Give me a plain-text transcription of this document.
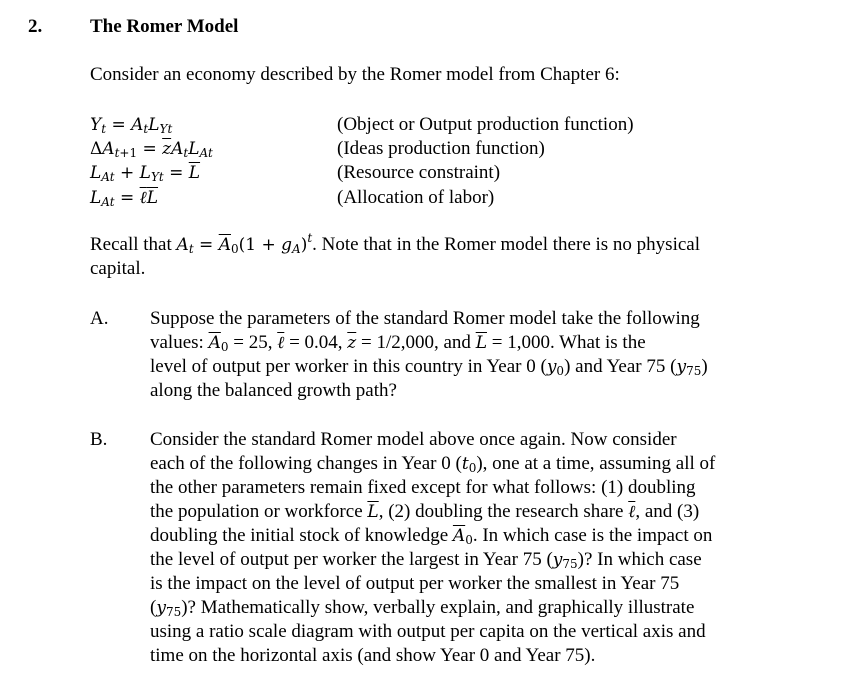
2.	The Romer Model
Consider an economy described by the Romer model from Chapter 6:
$Y_t = A_tL_{Yt}$
$\Delta A_{t+1} = \overline{z}A_tL_{At}$
$L_{At} + L_{Yt} = \overline{L}$
$L_{At}$ = $\ell\overline{L}$
(Object or Output production function)
(Ideas production function)
(Resource constraint)
(Allocation of labor)
Recall that $A_t = \overline{A}_0(1 + g_A)^t$. Note that in the Romer model there is no physical
capital.
A. Suppose the parameters of the standard Romer model take the following
values: $\overline{A}_0 = 25$, ℓ = 0.04, $\overline{z} = 1/2,000$, and $\overline{L} = 1,000$. What is the
level of output per worker in this country in Year 0 $(y_0)$ and Year 75 $(y_{75})$
along the balanced growth path?
B. Consider the standard Romer model above once again. Now consider
each of the following changes in Year 0 $(t_0)$, one at a time, assuming all of
the other parameters remain fixed except for what follows: (1) doubling
the population or workforce $\overline{L}$, (2) doubling the research share ℓ, and (3)
doubling the initial stock of knowledge $\overline{A}_0$. In which case is the impact on
the level of output per worker the largest in Year 75 $(y_{75})$? In which case
is the impact on the level of output per worker the smallest in Year 75
$(y_{75})$? Mathematically show, verbally explain, and graphically illustrate
using a ratio scale diagram with output per capita on the vertical axis and
time on the horizontal axis (and show Year 0 and Year 75).
